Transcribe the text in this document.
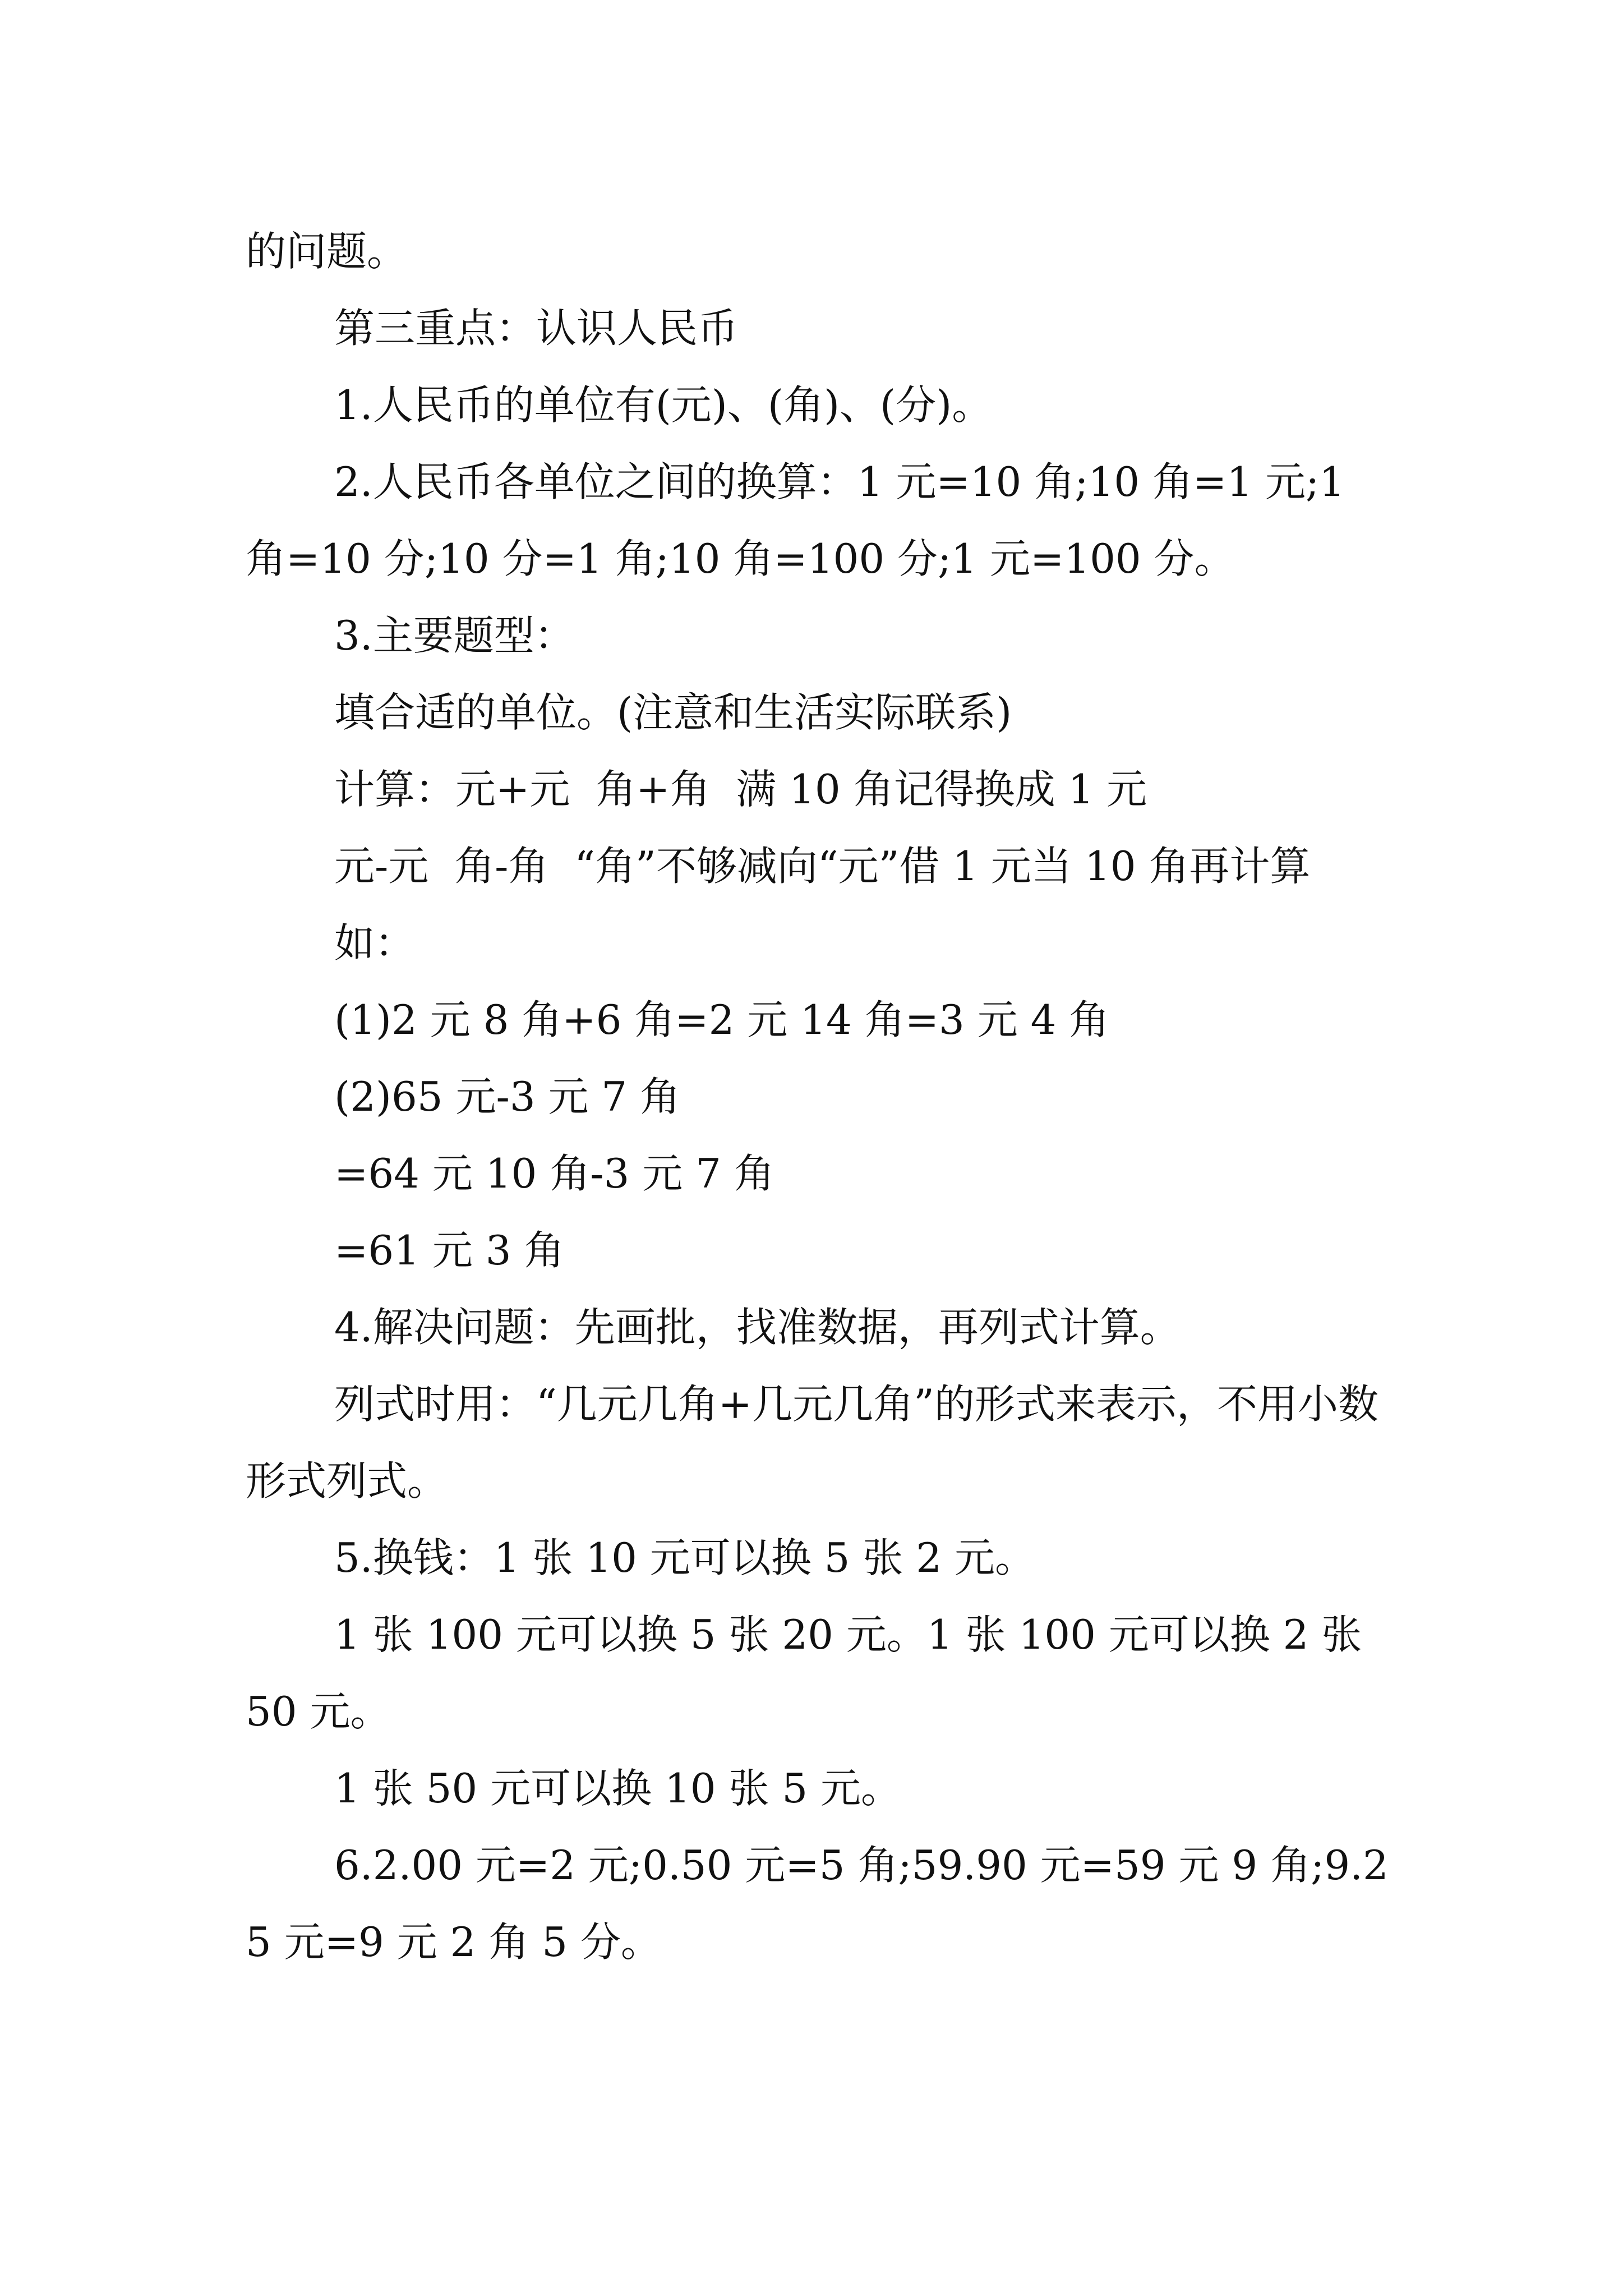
的问题。

第三重点：认识人民币

1.人民币的单位有(元)、(角)、(分)。

2.人民币各单位之间的换算：1 元=10 角;10 角=1 元;1 角=10 分;10 分=1 角;10 角=100 分;1 元=100 分。

3.主要题型：

填合适的单位。(注意和生活实际联系)

计算：元+元  角+角  满 10 角记得换成 1 元

元-元  角-角  “角”不够减向“元”借 1 元当 10 角再计算

如：

(1)2 元 8 角+6 角=2 元 14 角=3 元 4 角

(2)65 元-3 元 7 角

=64 元 10 角-3 元 7 角

=61 元 3 角

4.解决问题：先画批，找准数据，再列式计算。

列式时用：“几元几角+几元几角”的形式来表示，不用小数形式列式。

5.换钱：1 张 10 元可以换 5 张 2 元。

1 张 100 元可以换 5 张 20 元。1 张 100 元可以换 2 张 50 元。

1 张 50 元可以换 10 张 5 元。

6.2.00 元=2 元;0.50 元=5 角;59.90 元=59 元 9 角;9.25 元=9 元 2 角 5 分。
